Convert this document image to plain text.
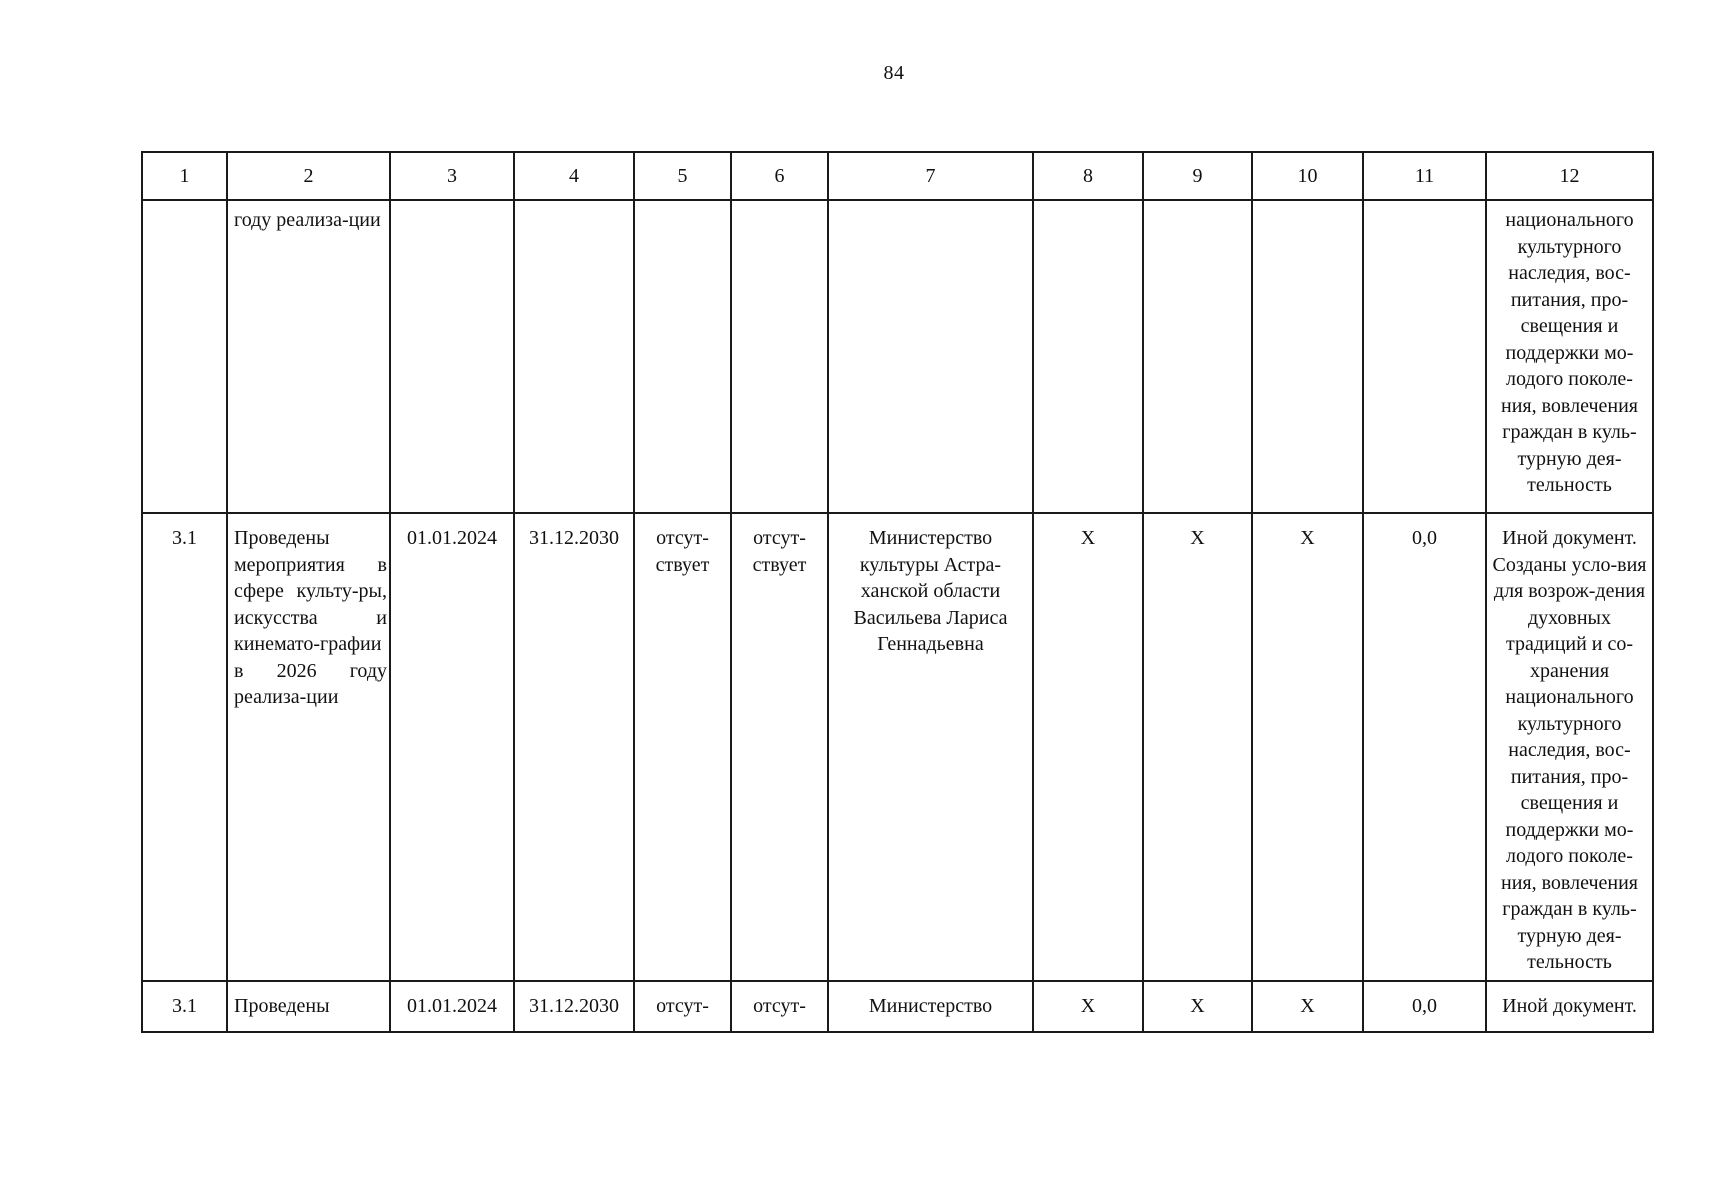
84
1	2	3	4	5	6	7	8	9	10	11	12
	году реализа-ции										национального культурного наследия, вос-питания, про-свещения и поддержки мо-лодого поколе-ния, вовлечения граждан в куль-турную дея-тельность
3.1	Проведены мероприятия в сфере культу-ры, искусства и кинемато-графии в 2026 году реализа-ции	01.01.2024	31.12.2030	отсут-ствует	отсут-ствует	Министерство культуры Астра-ханской области Васильева Лариса Геннадьевна	X	X	X	0,0	Иной документ. Созданы усло-вия для возрож-дения духовных традиций и со-хранения национального культурного наследия, вос-питания, про-свещения и поддержки мо-лодого поколе-ния, вовлечения граждан в куль-турную дея-тельность
3.1	Проведены	01.01.2024	31.12.2030	отсут-	отсут-	Министерство	X	X	X	0,0	Иной документ.
